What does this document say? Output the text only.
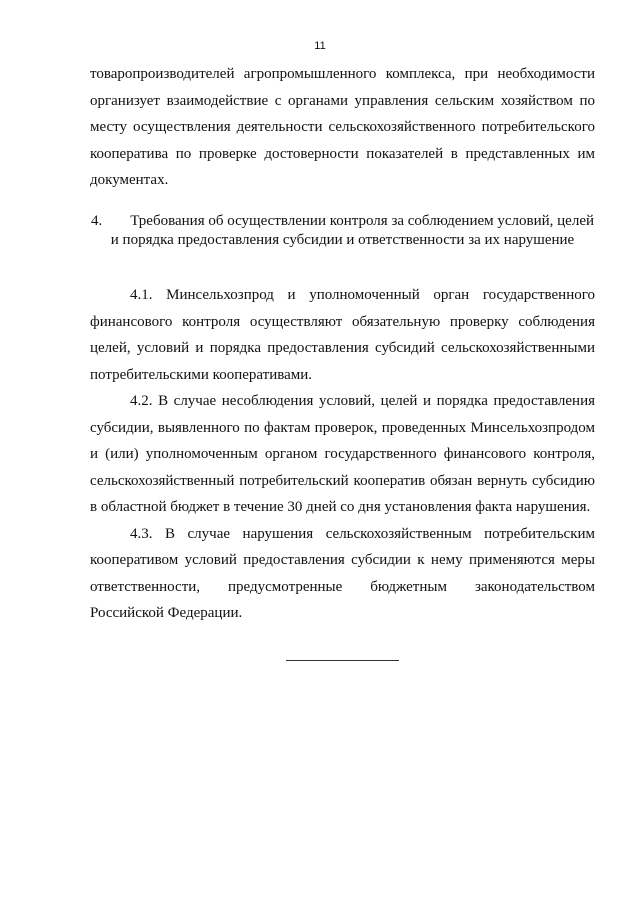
11

товаропроизводителей агропромышленного комплекса, при необходимости организует взаимодействие с органами управления сельским хозяйством по месту осуществления деятельности сельскохозяйственного потребительского кооператива по проверке достоверности показателей в представленных им документах.

4. Требования об осуществлении контроля за соблюдением условий, целей и порядка предоставления субсидии и ответственности за их нарушение

4.1. Минсельхозпрод и уполномоченный орган государственного финансового контроля осуществляют обязательную проверку соблюдения целей, условий и порядка предоставления субсидий сельскохозяйственными потребительскими кооперативами.

4.2. В случае несоблюдения условий, целей и порядка предоставления субсидии, выявленного по фактам проверок, проведенных Минсельхозпродом и (или) уполномоченным органом государственного финансового контроля, сельскохозяйственный потребительский кооператив обязан вернуть субсидию в областной бюджет в течение 30 дней со дня установления факта нарушения.

4.3. В случае нарушения сельскохозяйственным потребительским кооперативом условий предоставления субсидии к нему применяются меры ответственности, предусмотренные бюджетным законодательством Российской Федерации.
